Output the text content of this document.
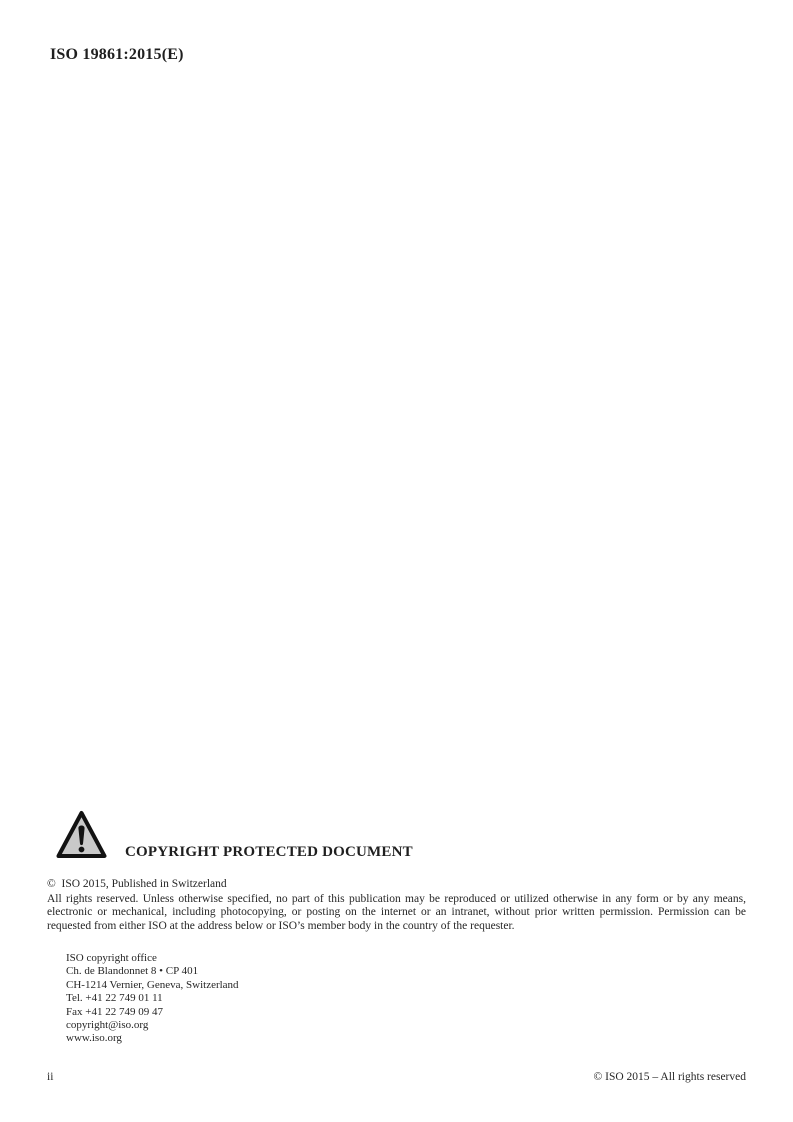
ISO 19861:2015(E)
COPYRIGHT PROTECTED DOCUMENT
©  ISO 2015, Published in Switzerland
All rights reserved. Unless otherwise specified, no part of this publication may be reproduced or utilized otherwise in any form or by any means, electronic or mechanical, including photocopying, or posting on the internet or an intranet, without prior written permission. Permission can be requested from either ISO at the address below or ISO’s member body in the country of the requester.
ISO copyright office
Ch. de Blandonnet 8 • CP 401
CH-1214 Vernier, Geneva, Switzerland
Tel. +41 22 749 01 11
Fax +41 22 749 09 47
copyright@iso.org
www.iso.org
ii	© ISO 2015 – All rights reserved
